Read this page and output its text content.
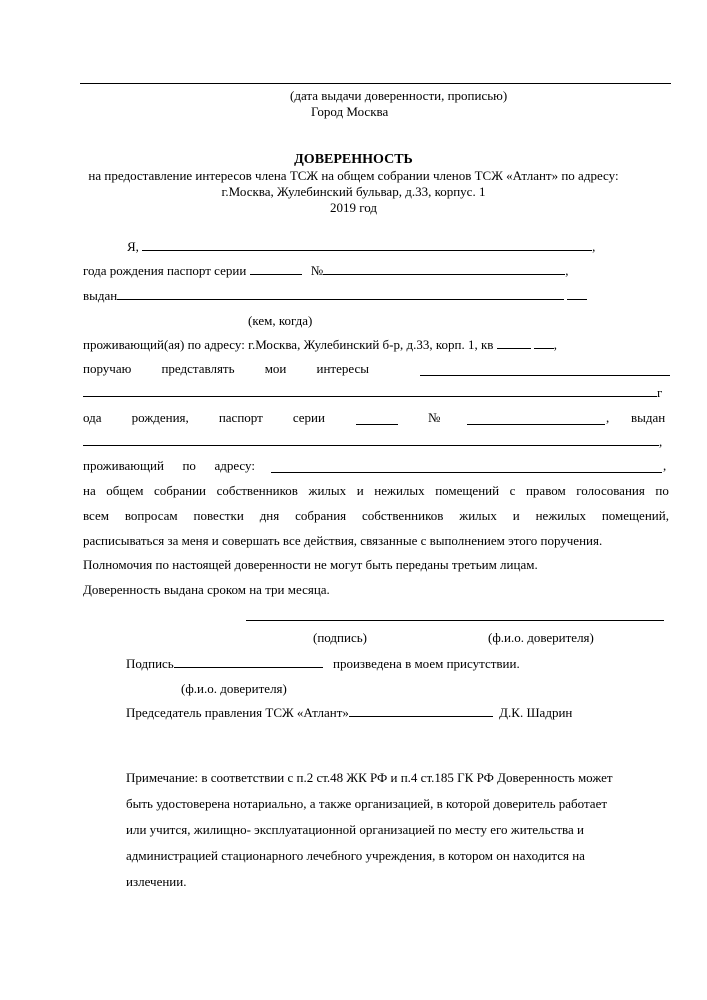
(дата выдачи доверенности, прописью)
Город Москва
ДОВЕРЕННОСТЬ
на предоставление интересов члена ТСЖ на общем собрании членов ТСЖ «Атлант» по адресу:
г.Москва, Жулебинский бульвар, д.33, корпус. 1
2019 год
Я,	,
года рождения паспорт серии	№	,
выдан
(кем, когда)
проживающий(ая) по адресу: г.Москва, Жулебинский б-р, д.33, корп. 1, кв	,
поручаю представлять мои интересы
г
ода рождения, паспорт серии	№	, выдан
,
проживающий по адресу:	,
на общем собрании собственников жилых и нежилых помещений с правом голосования по
всем вопросам повестки дня собрания собственников жилых и нежилых помещений,
расписываться за меня и совершать все действия, связанные с выполнением этого поручения.
Полномочия по настоящей доверенности не могут быть переданы третьим лицам.
Доверенность выдана сроком на три месяца.
(подпись)	(ф.и.о. доверителя)
Подпись	произведена в моем присутствии.
(ф.и.о. доверителя)
Председатель правления ТСЖ «Атлант»	Д.К. Шадрин
Примечание: в соответствии с п.2 ст.48 ЖК РФ и п.4 ст.185 ГК РФ Доверенность может
быть удостоверена нотариально, а также организацией, в которой доверитель работает
или учится, жилищно- эксплуатационной организацией по месту его жительства и
администрацией стационарного лечебного учреждения, в котором он находится на
излечении.
